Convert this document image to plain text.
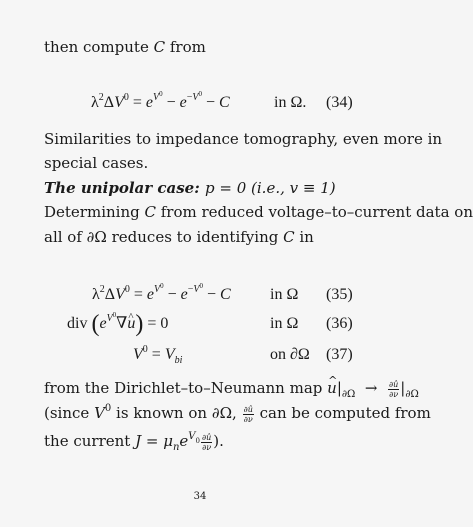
then compute C from
$\lambda^2\Delta V^0 = e^{V^0} - e^{-V^0} - C$	in Ω. (34)
Similarities to impedance tomography, even more in
special cases.
The unipolar case: p = 0 (i.e., v ≡ 1)
Determining C from reduced voltage–to–current data on
all of ∂Ω reduces to identifying C in
$\lambda^2\Delta V^0 = e^{V^0} - e^{-V^0} - C$ in Ω (35)
div ($e^{V^0}\nabla\^{}$ u) = 0	in Ω (36)
$V^0 = V_{bi}$	on ∂Ω (37)
from the Dirichlet–to–Neumann map ^ $u|_{\partial\Omega} \to \frac{\partial û}{\partial\nu} |_{\partial\Omega}$
(since $V^0$ is known on ∂Ω, $\frac{\partial û}{\partial\nu}$ can be computed from
the current $J = \mu_ne^{V_0} \frac{\partial û}{\partial\nu}$ ).
34
